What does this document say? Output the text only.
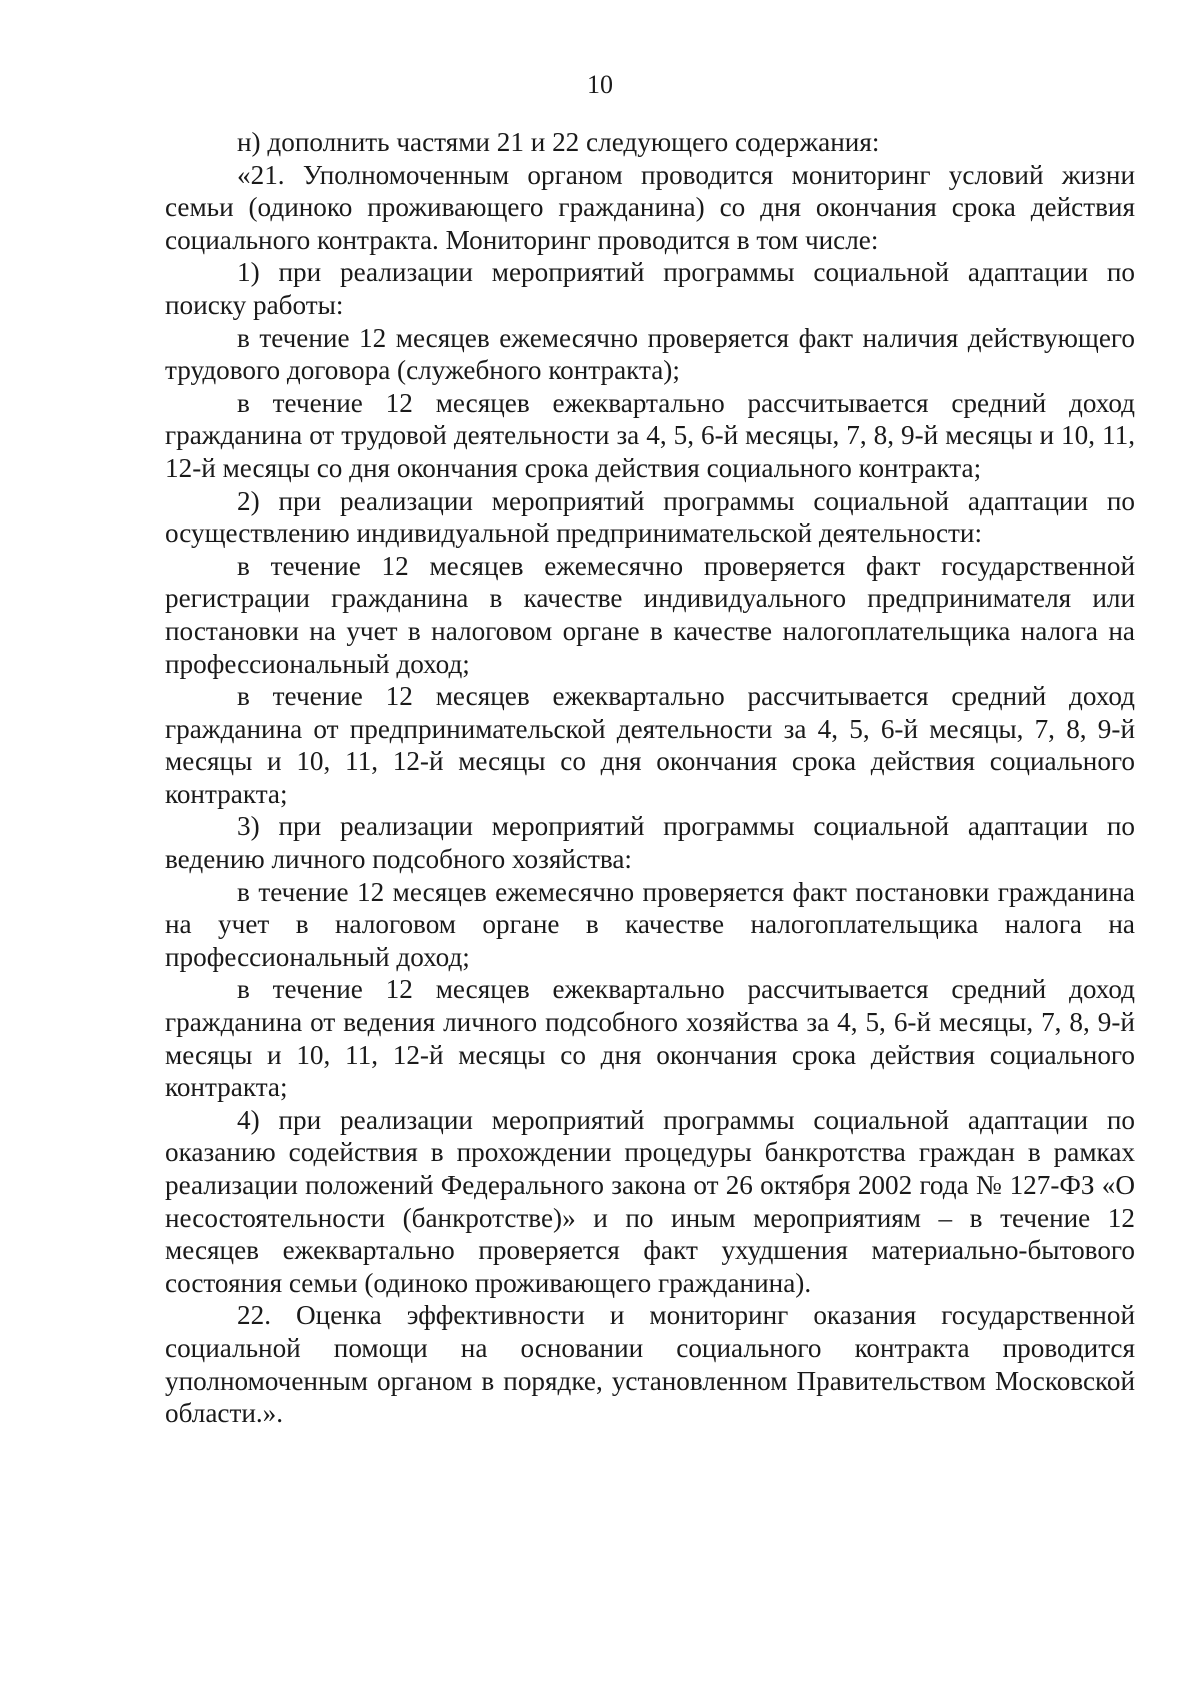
10

н) дополнить частями 21 и 22 следующего содержания:

«21. Уполномоченным органом проводится мониторинг условий жизни семьи (одиноко проживающего гражданина) со дня окончания срока действия социального контракта. Мониторинг проводится в том числе:

1) при реализации мероприятий программы социальной адаптации по поиску работы:

в течение 12 месяцев ежемесячно проверяется факт наличия действующего трудового договора (служебного контракта);

в течение 12 месяцев ежеквартально рассчитывается средний доход гражданина от трудовой деятельности за 4, 5, 6-й месяцы, 7, 8, 9-й месяцы и 10, 11, 12-й месяцы со дня окончания срока действия социального контракта;

2) при реализации мероприятий программы социальной адаптации по осуществлению индивидуальной предпринимательской деятельности:

в течение 12 месяцев ежемесячно проверяется факт государственной регистрации гражданина в качестве индивидуального предпринимателя или постановки на учет в налоговом органе в качестве налогоплательщика налога на профессиональный доход;

в течение 12 месяцев ежеквартально рассчитывается средний доход гражданина от предпринимательской деятельности за 4, 5, 6-й месяцы, 7, 8, 9-й месяцы и 10, 11, 12-й месяцы со дня окончания срока действия социального контракта;

3) при реализации мероприятий программы социальной адаптации по ведению личного подсобного хозяйства:

в течение 12 месяцев ежемесячно проверяется факт постановки гражданина на учет в налоговом органе в качестве налогоплательщика налога на профессиональный доход;

в течение 12 месяцев ежеквартально рассчитывается средний доход гражданина от ведения личного подсобного хозяйства за 4, 5, 6-й месяцы, 7, 8, 9-й месяцы и 10, 11, 12-й месяцы со дня окончания срока действия социального контракта;

4) при реализации мероприятий программы социальной адаптации по оказанию содействия в прохождении процедуры банкротства граждан в рамках реализации положений Федерального закона от 26 октября 2002 года № 127-ФЗ «О несостоятельности (банкротстве)» и по иным мероприятиям – в течение 12 месяцев ежеквартально проверяется факт ухудшения материально-бытового состояния семьи (одиноко проживающего гражданина).

22. Оценка эффективности и мониторинг оказания государственной социальной помощи на основании социального контракта проводится уполномоченным органом в порядке, установленном Правительством Московской области.».
